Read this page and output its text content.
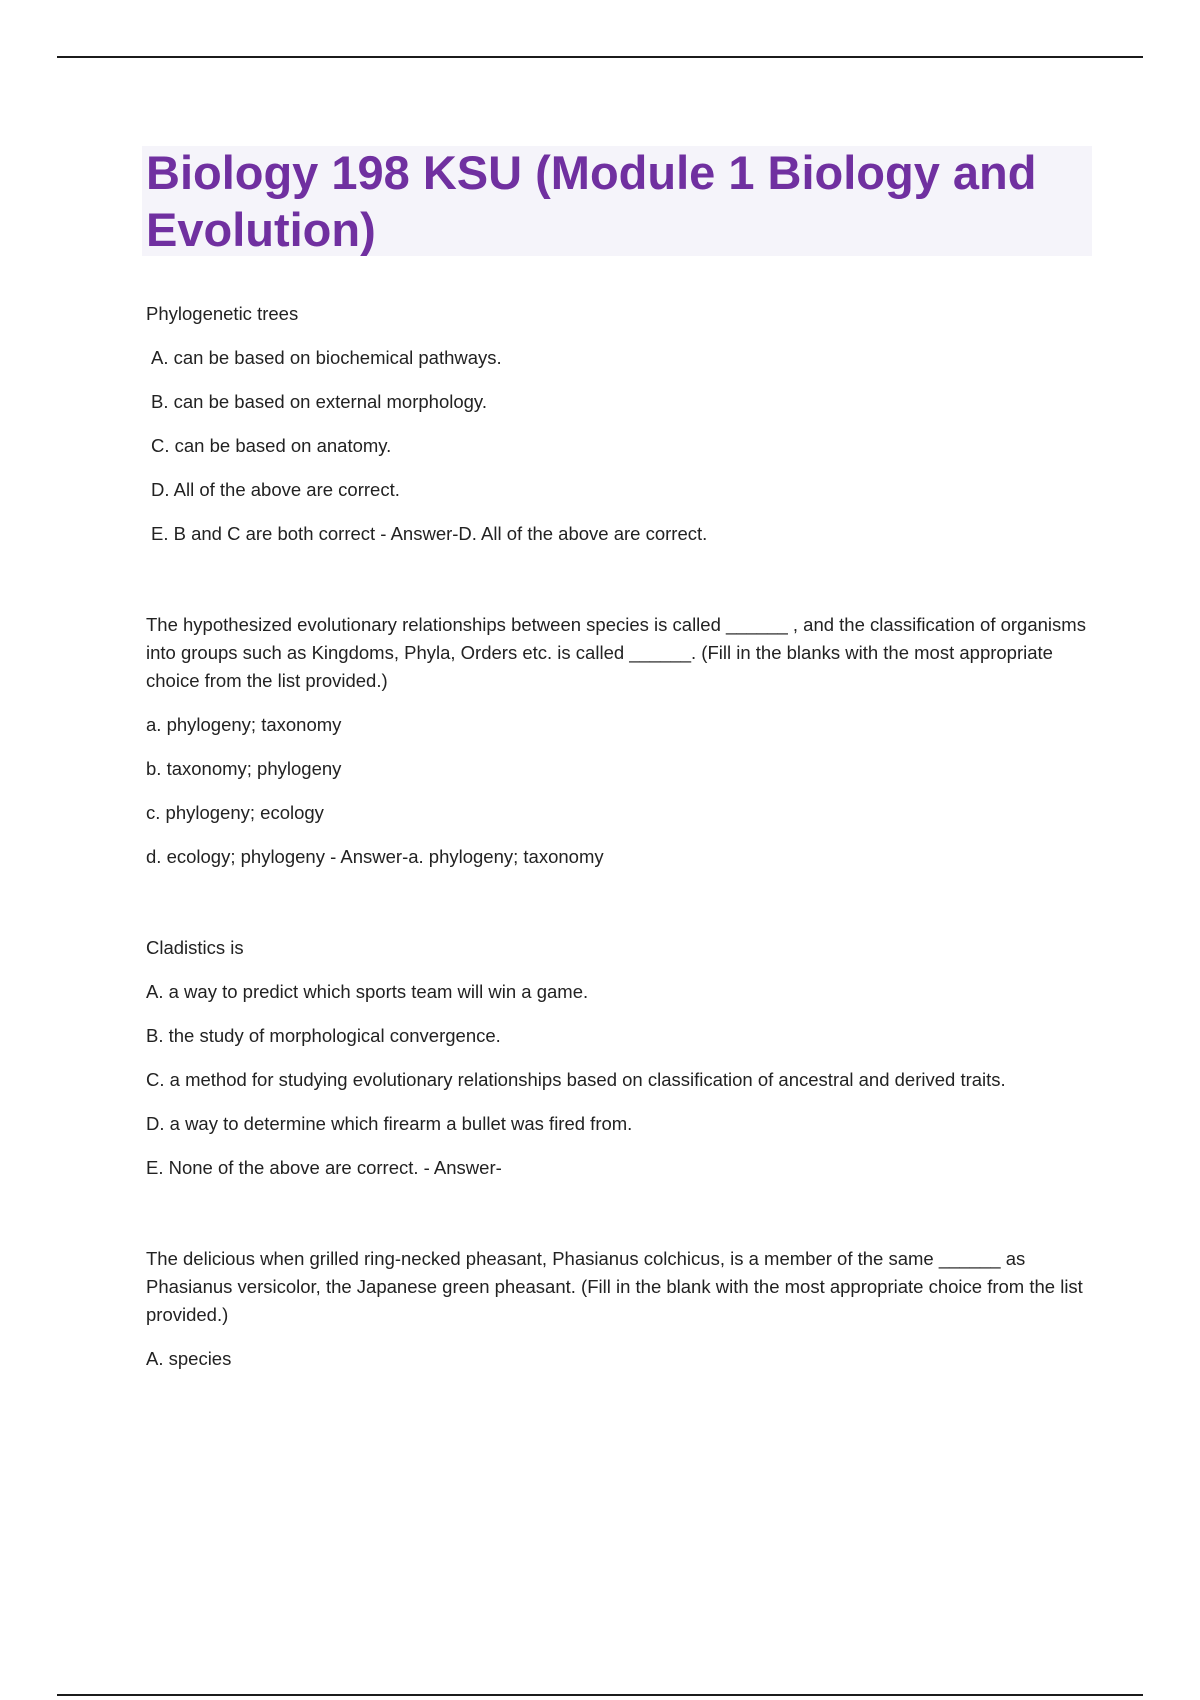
Biology 198 KSU (Module 1 Biology and Evolution)

Phylogenetic trees

A. can be based on biochemical pathways.

B. can be based on external morphology.

C. can be based on anatomy.

D. All of the above are correct.

E. B and C are both correct - Answer-D. All of the above are correct.

The hypothesized evolutionary relationships between species is called ______ , and the classification of organisms into groups such as Kingdoms, Phyla, Orders etc. is called ______. (Fill in the blanks with the most appropriate choice from the list provided.)

a. phylogeny; taxonomy

b. taxonomy; phylogeny

c. phylogeny; ecology

d. ecology; phylogeny - Answer-a. phylogeny; taxonomy

Cladistics is

A. a way to predict which sports team will win a game.

B. the study of morphological convergence.

C. a method for studying evolutionary relationships based on classification of ancestral and derived traits.

D. a way to determine which firearm a bullet was fired from.

E. None of the above are correct. - Answer-

The delicious when grilled ring-necked pheasant, Phasianus colchicus, is a member of the same ______ as Phasianus versicolor, the Japanese green pheasant. (Fill in the blank with the most appropriate choice from the list provided.)

A. species
